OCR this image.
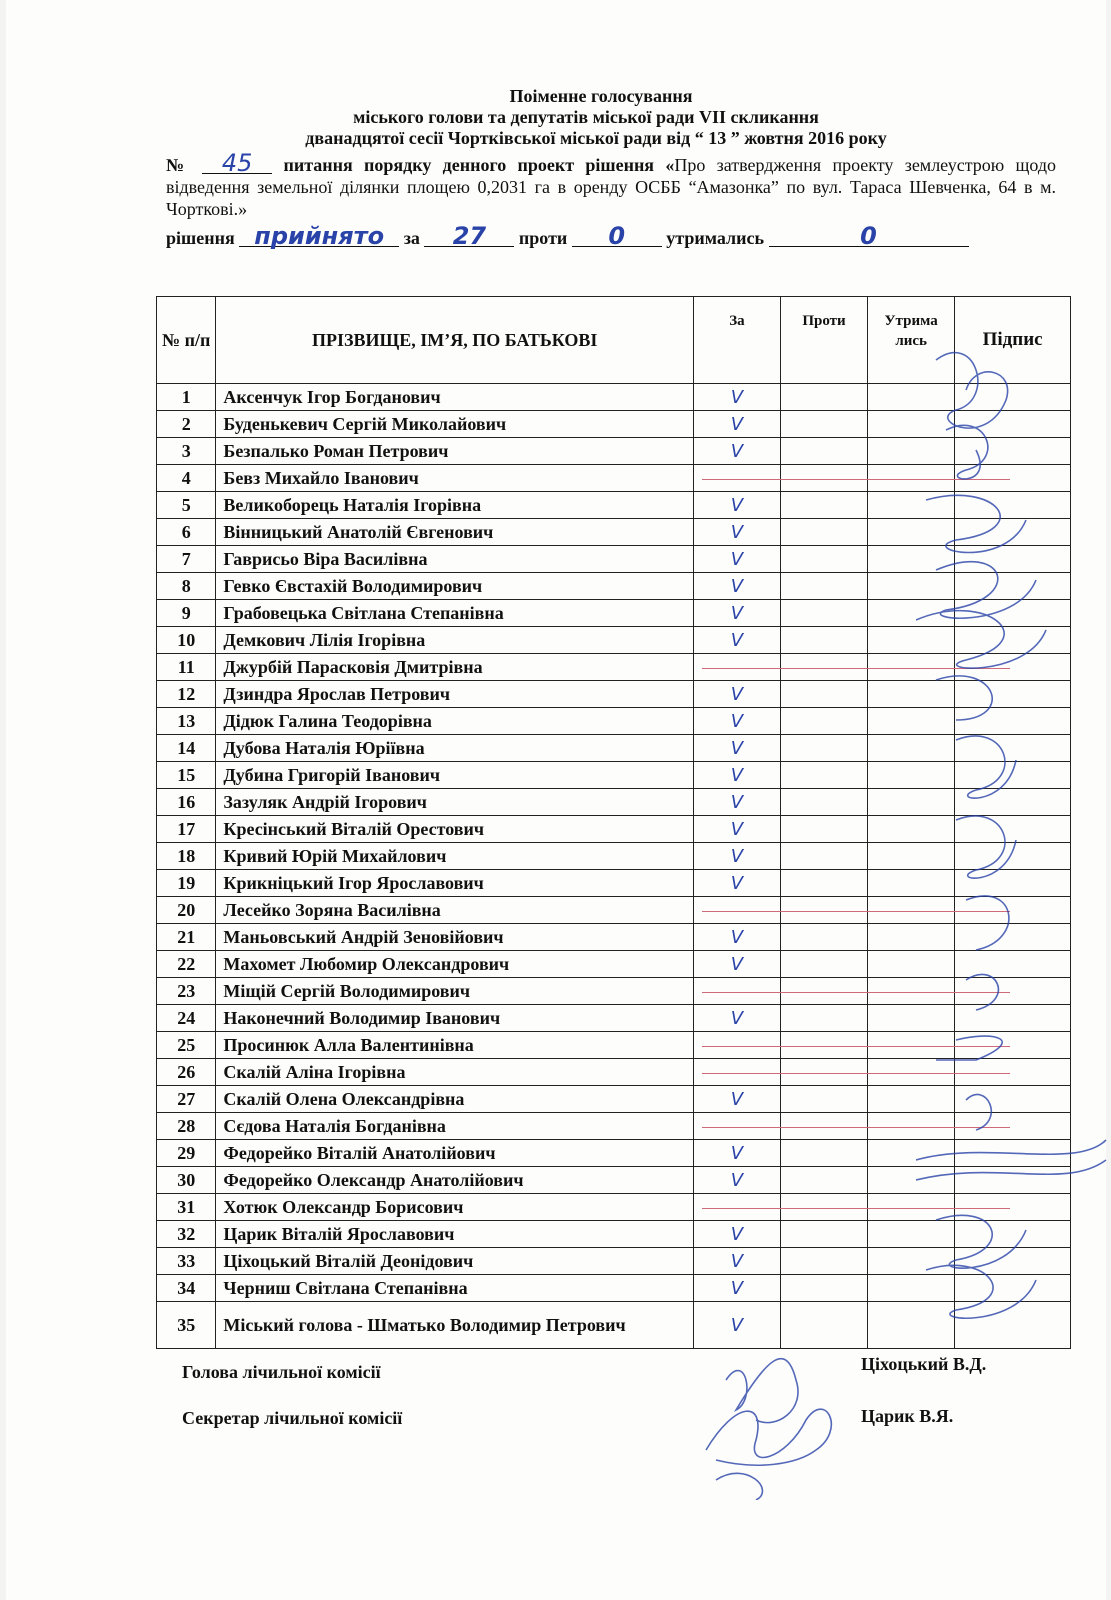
Поіменне голосування
міського голови та депутатів міської ради VII скликання
дванадцятої сесії Чортківської міської ради від “ 13 ” жовтня 2016 року
№ 45 питання порядку денного проект рішення «Про затвердження проекту землеустрою щодо відведення земельної ділянки площею 0,2031 га в оренду ОСББ “Амазонка” по вул. Тараса Шевченка, 64 в м. Чорткові.»
рішення прийнято за 27 проти 0 утримались	0
№ п/п	ПРІЗВИЩЕ, ІМ’Я, ПО БАТЬКОВІ	За	Проти	Утрима лись	Підпис
1	Аксенчук Ігор Богданович	V			
2	Буденькевич Сергій Миколайович	V			
3	Безпалько Роман Петрович	V			
4	Бевз Михайло Іванович				
5	Великоборець Наталія Ігорівна	V			
6	Вінницький Анатолій Євгенович	V			
7	Гаврисьо Віра Василівна	V			
8	Гевко Євстахій Володимирович	V			
9	Грабовецька Світлана Степанівна	V			
10	Демкович Лілія Ігорівна	V			
11	Джурбій Парасковія Дмитрівна				
12	Дзиндра Ярослав Петрович	V			
13	Дідюк Галина Теодорівна	V			
14	Дубова Наталія Юріївна	V			
15	Дубина Григорій Іванович	V			
16	Зазуляк Андрій Ігорович	V			
17	Кресінський Віталій Орестович	V			
18	Кривий Юрій Михайлович	V			
19	Крикніцький Ігор Ярославович	V			
20	Лесейко Зоряна Василівна				
21	Маньовський Андрій Зеновійович	V			
22	Махомет Любомир Олександрович	V			
23	Міщій Сергій Володимирович				
24	Наконечний Володимир Іванович	V			
25	Просинюк Алла Валентинівна				
26	Скалій Аліна Ігорівна				
27	Скалій Олена Олександрівна	V			
28	Сєдова Наталія Богданівна				
29	Федорейко Віталій Анатолійович	V			
30	Федорейко Олександр Анатолійович	V			
31	Хотюк Олександр Борисович				
32	Царик Віталій Ярославович	V			
33	Ціхоцький Віталій Деонідович	V			
34	Черниш Світлана Степанівна	V			
35	Міський голова - Шматько Володимир Петрович	V			
Голова лічильної комісії	Ціхоцький В.Д.
Секретар лічильної комісії	Царик В.Я.
